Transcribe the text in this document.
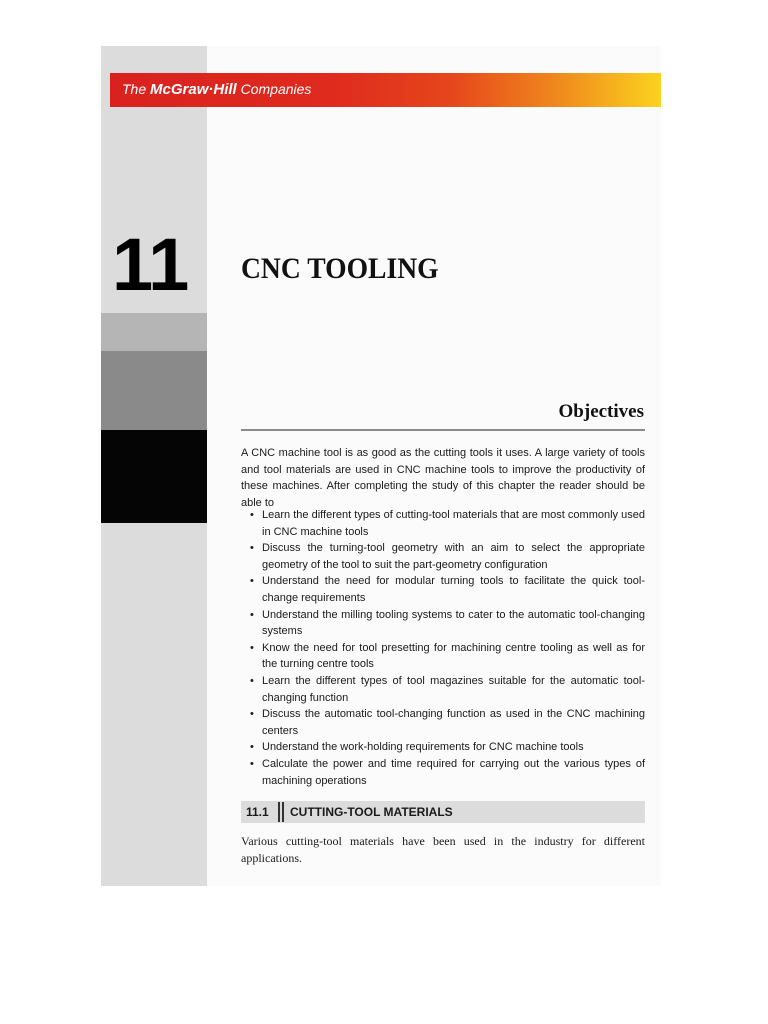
The McGraw·Hill Companies
11 CNC TOOLING
Objectives
A CNC machine tool is as good as the cutting tools it uses. A large variety of tools and tool materials are used in CNC machine tools to improve the productivity of these machines. After completing the study of this chapter the reader should be able to
• Learn the different types of cutting-tool materials that are most commonly used in CNC machine tools
• Discuss the turning-tool geometry with an aim to select the appropriate geometry of the tool to suit the part-geometry configuration
• Understand the need for modular turning tools to facilitate the quick tool-change requirements
• Understand the milling tooling systems to cater to the automatic tool-changing systems
• Know the need for tool presetting for machining centre tooling as well as for the turning centre tools
• Learn the different types of tool magazines suitable for the automatic tool-changing function
• Discuss the automatic tool-changing function as used in the CNC machining centers
• Understand the work-holding requirements for CNC machine tools
• Calculate the power and time required for carrying out the various types of machining operations
11.1 CUTTING-TOOL MATERIALS
Various cutting-tool materials have been used in the industry for different applications.
